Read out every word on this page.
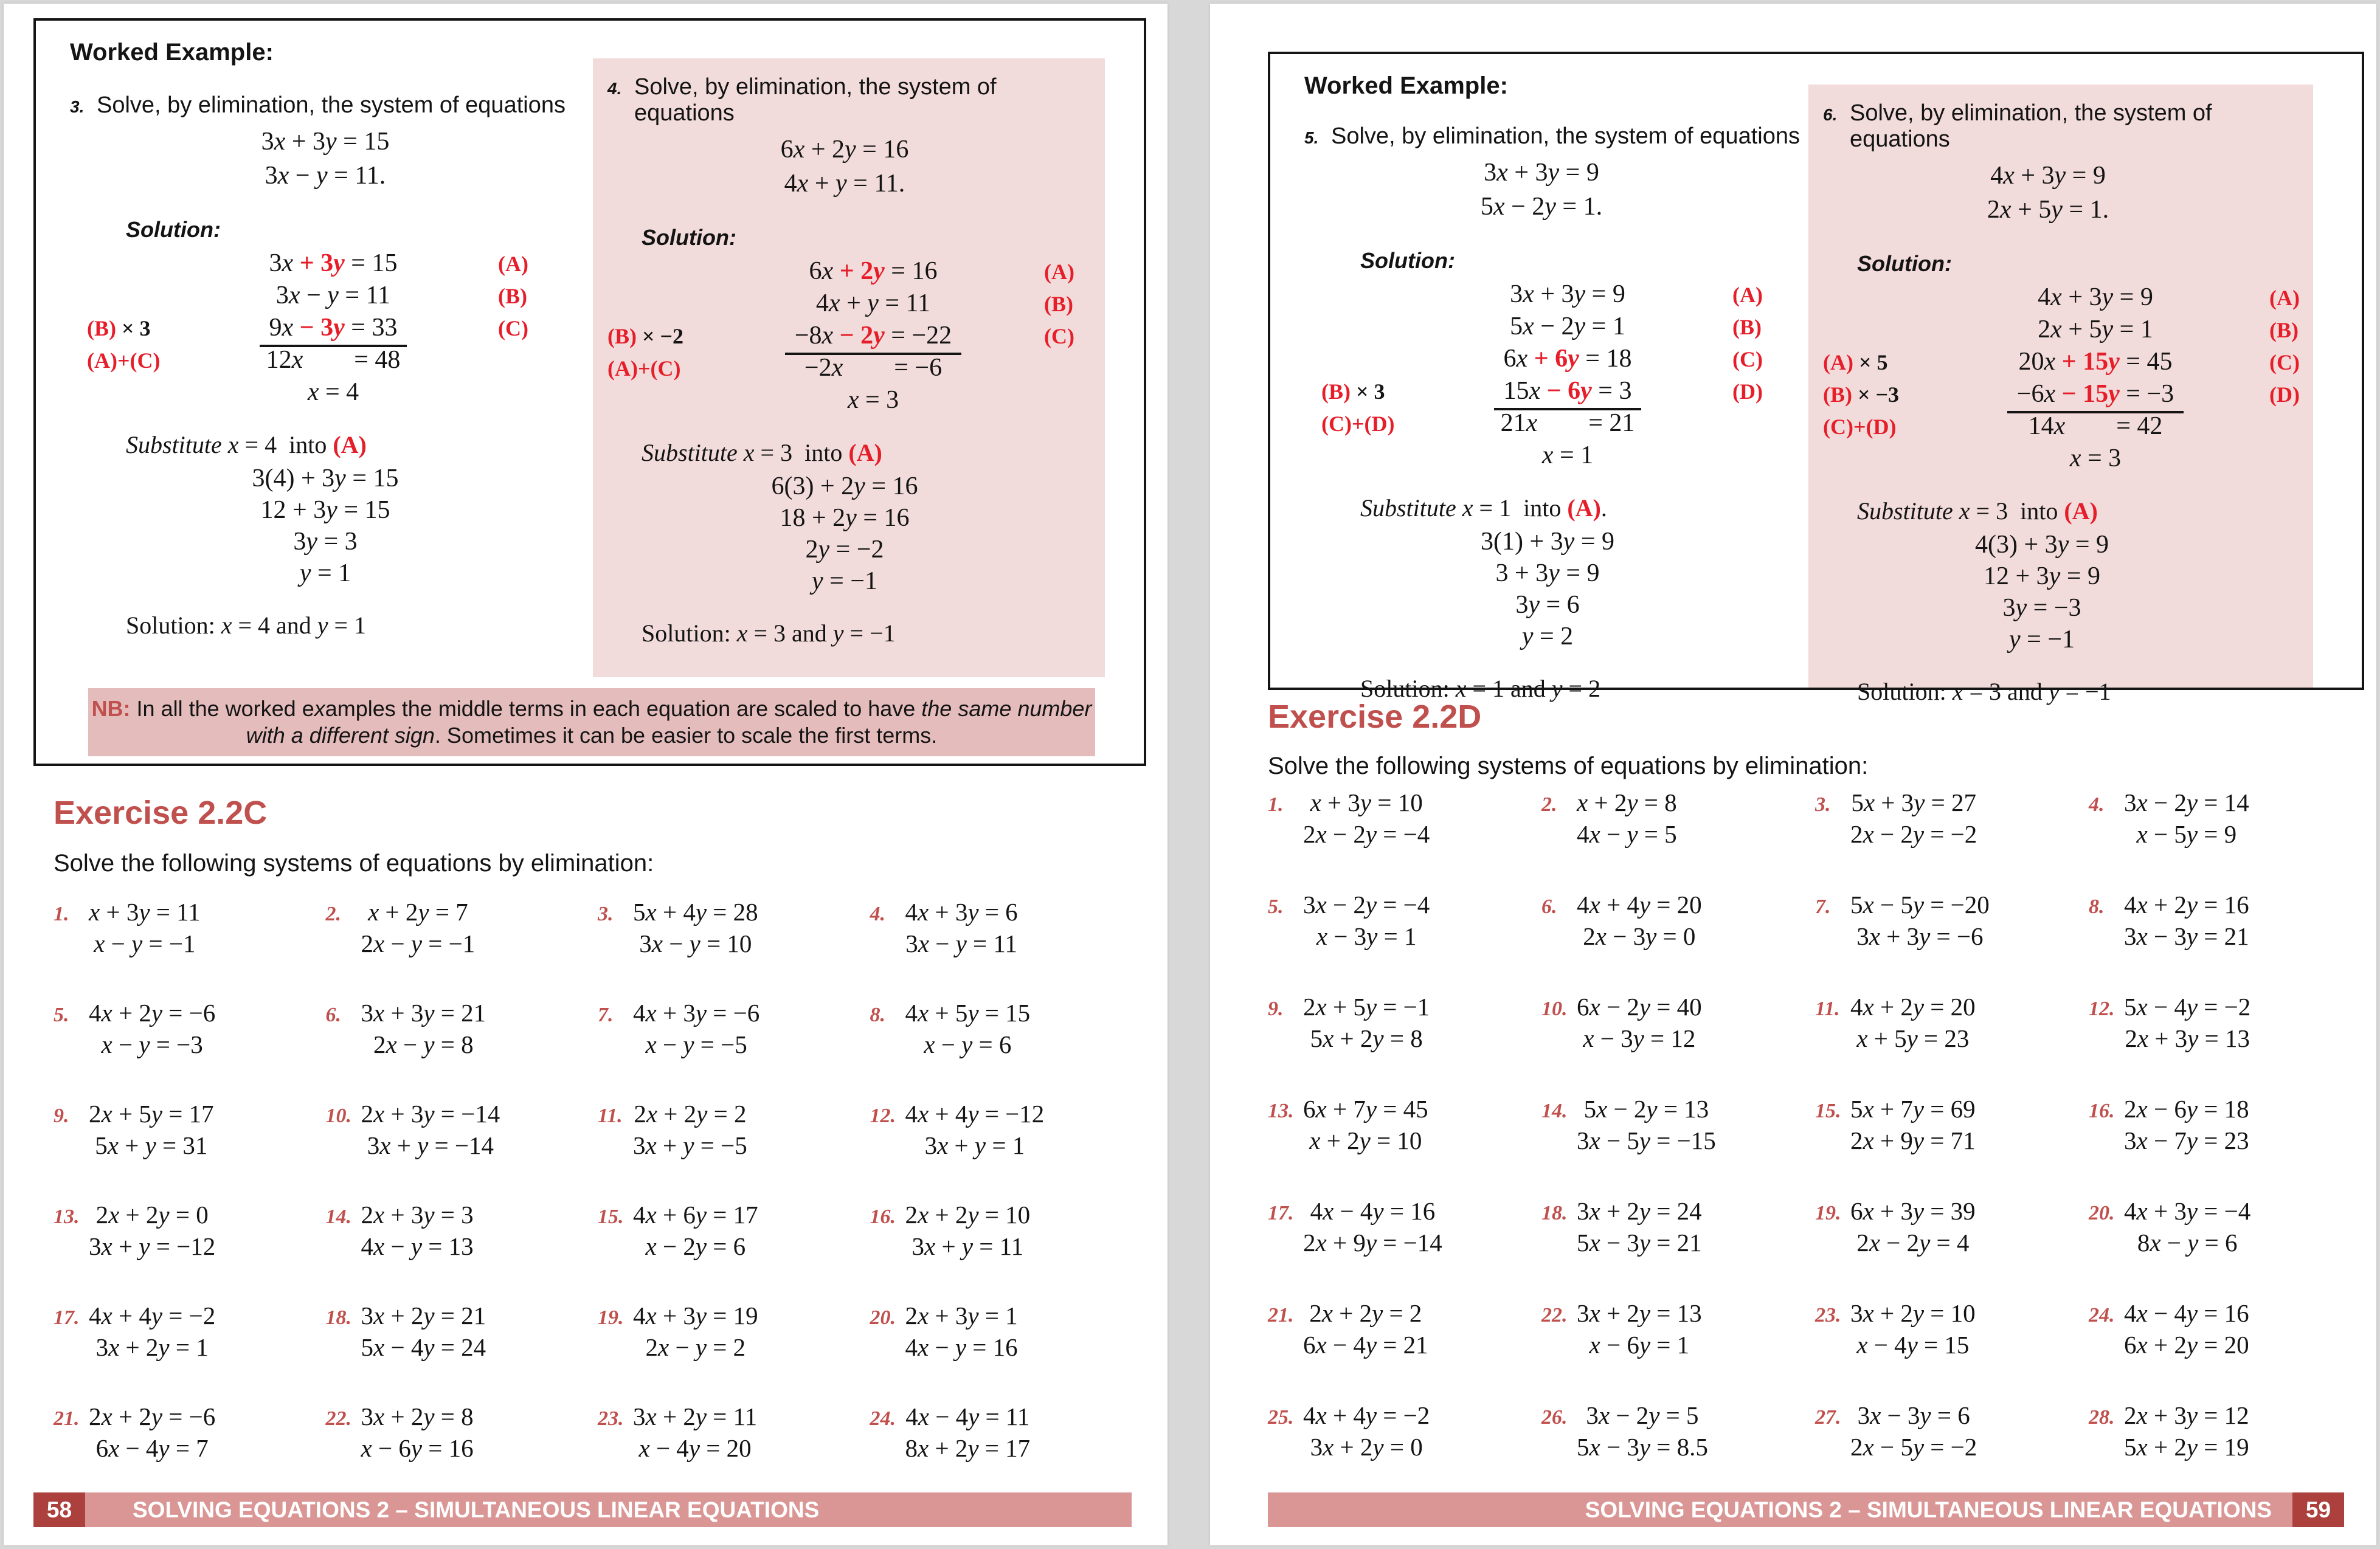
Worked Example:
3. Solve, by elimination, the system of equations
3x + 3y = 15
3x − y = 11.
Solution:
3x + 3y = 15	(A)
3x − y = 11	(B)
(B) × 3	9x − 3y = 33	(C)
(A)+(C)	12x        = 48
x = 4
Substitute x = 4  into (A)
3(4) + 3y = 15
12 + 3y = 15
3y = 3
y = 1
Solution: x = 4 and y = 1
4. Solve, by elimination, the system of equations
6x + 2y = 16
4x + y = 11.
Solution:
6x + 2y = 16	(A)
4x + y = 11	(B)
(B) × −2	−8x − 2y = −22	(C)
(A)+(C)	−2x        = −6
x = 3
Substitute x = 3  into (A)
6(3) + 2y = 16
18 + 2y = 16
2y = −2
y = −1
Solution: x = 3 and y = −1
NB: In all the worked examples the middle terms in each equation are scaled to have the same number
with a different sign. Sometimes it can be easier to scale the first terms.
Exercise 2.2C
Solve the following systems of equations by elimination:
1. x + 3y = 11
x − y = −1
2.	x + 2y = 7
2x − y = −1
3. 5x + 4y = 28
3x − y = 10
4. 4x + 3y = 6
3x − y = 11
5. 4x + 2y = −6
x − y = −3
6. 3x + 3y = 21
2x − y = 8
7. 4x + 3y = −6
x − y = −5
8. 4x + 5y = 15
x − y = 6
9. 2x + 5y = 17
5x + y = 31
10. 2x + 3y = −14
3x + y = −14
11. 2x + 2y = 2
3x + y = −5
12. 4x + 4y = −12
3x + y = 1
13. 2x + 2y = 0
3x + y = −12
14. 2x + 3y = 3
4x − y = 13
15. 4x + 6y = 17
x − 2y = 6
16. 2x + 2y = 10
3x + y = 11
17. 4x + 4y = −2
3x + 2y = 1
18. 3x + 2y = 21
5x − 4y = 24
19. 4x + 3y = 19
2x − y = 2
20. 2x + 3y = 1
4x − y = 16
21. 2x + 2y = −6
6x − 4y = 7
22. 3x + 2y = 8
x − 6y = 16
23. 3x + 2y = 11
x − 4y = 20
24. 4x − 4y = 11
8x + 2y = 17
58	SOLVING EQUATIONS 2 – SIMULTANEOUS LINEAR EQUATIONS
Worked Example:
5. Solve, by elimination, the system of equations
3x + 3y = 9
5x − 2y = 1.
Solution:
3x + 3y = 9	(A)
5x − 2y = 1	(B)
6x + 6y = 18	(C)
(B) × 3	15x − 6y = 3	(D)
(C)+(D)	21x        = 21
x = 1
Substitute x = 1  into (A).
3(1) + 3y = 9
3 + 3y = 9
3y = 6
y = 2
Solution: x = 1 and y = 2
6. Solve, by elimination, the system of equations
4x + 3y = 9
2x + 5y = 1.
Solution:
4x + 3y = 9	(A)
2x + 5y = 1	(B)
(A) × 5	20x + 15y = 45	(C)
(B) × −3	−6x − 15y = −3	(D)
(C)+(D)	14x        = 42
x = 3
Substitute x = 3  into (A)
4(3) + 3y = 9
12 + 3y = 9
3y = −3
y = −1
Solution: x = 3 and y = −1
Exercise 2.2D
Solve the following systems of equations by elimination:
1.	x + 3y = 10
2x − 2y = −4
2. x + 2y = 8
4x − y = 5
3. 5x + 3y = 27
2x − 2y = −2
4. 3x − 2y = 14
x − 5y = 9
5. 3x − 2y = −4
x − 3y = 1
6. 4x + 4y = 20
2x − 3y = 0
7. 5x − 5y = −20
3x + 3y = −6
8. 4x + 2y = 16
3x − 3y = 21
9. 2x + 5y = −1
5x + 2y = 8
10. 6x − 2y = 40
x − 3y = 12
11. 4x + 2y = 20
x + 5y = 23
12. 5x − 4y = −2
2x + 3y = 13
13. 6x + 7y = 45
x + 2y = 10
14. 5x − 2y = 13
3x − 5y = −15
15. 5x + 7y = 69
2x + 9y = 71
16. 2x − 6y = 18
3x − 7y = 23
17. 4x − 4y = 16
2x + 9y = −14
18. 3x + 2y = 24
5x − 3y = 21
19. 6x + 3y = 39
2x − 2y = 4
20. 4x + 3y = −4
8x − y = 6
21. 2x + 2y = 2
6x − 4y = 21
22. 3x + 2y = 13
x − 6y = 1
23. 3x + 2y = 10
x − 4y = 15
24. 4x − 4y = 16
6x + 2y = 20
25. 4x + 4y = −2
3x + 2y = 0
26. 3x − 2y = 5
5x − 3y = 8.5
27. 3x − 3y = 6
2x − 5y = −2
28. 2x + 3y = 12
5x + 2y = 19
SOLVING EQUATIONS 2 – SIMULTANEOUS LINEAR EQUATIONS	59
